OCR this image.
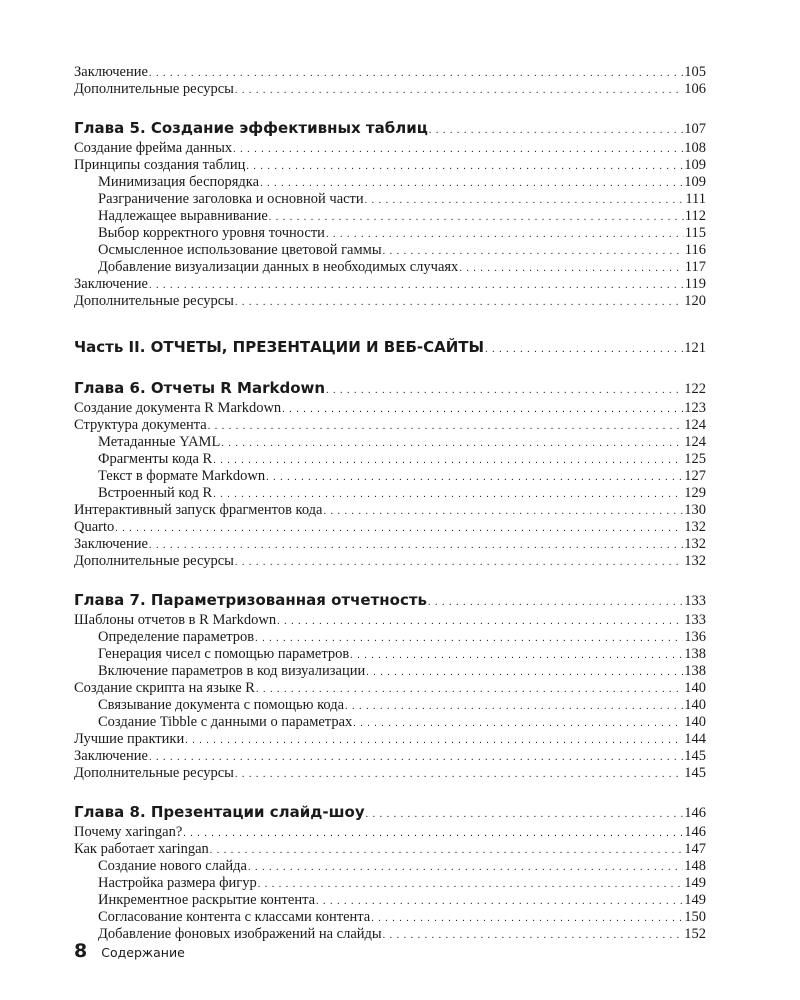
Заключение . . .	105
Дополнительные ресурсы . . .	106
Глава 5. Создание эффективных таблиц . . .	107
Создание фрейма данных . . .	108
Принципы создания таблиц . . .	109
Минимизация беспорядка . . .	109
Разграничение заголовка и основной части . . .	111
Надлежащее выравнивание . . .	112
Выбор корректного уровня точности . . .	115
Осмысленное использование цветовой гаммы . . .	116
Добавление визуализации данных в необходимых случаях . . .	117
Заключение . . .	119
Дополнительные ресурсы . . .	120
Часть II. ОТЧЕТЫ, ПРЕЗЕНТАЦИИ И ВЕБ-САЙТЫ . . .	121
Глава 6. Отчеты R Markdown . . .	122
Создание документа R Markdown . . .	123
Структура документа . . .	124
Метаданные YAML . . .	124
Фрагменты кода R . . .	125
Текст в формате Markdown . . .	127
Встроенный код R . . .	129
Интерактивный запуск фрагментов кода . . .	130
Quarto . . .	132
Заключение . . .	132
Дополнительные ресурсы . . .	132
Глава 7. Параметризованная отчетность . . .	133
Шаблоны отчетов в R Markdown . . .	133
Определение параметров . . .	136
Генерация чисел с помощью параметров . . .	138
Включение параметров в код визуализации . . .	138
Создание скрипта на языке R . . .	140
Связывание документа с помощью кода . . .	140
Создание Tibble с данными о параметрах . . .	140
Лучшие практики . . .	144
Заключение . . .	145
Дополнительные ресурсы . . .	145
Глава 8. Презентации слайд-шоу . . .	146
Почему xaringan? . . .	146
Как работает xaringan . . .	147
Создание нового слайда . . .	148
Настройка размера фигур . . .	149
Инкрементное раскрытие контента . . .	149
Согласование контента с классами контента . . .	150
Добавление фоновых изображений на слайды . . .	152
8 Содержание
